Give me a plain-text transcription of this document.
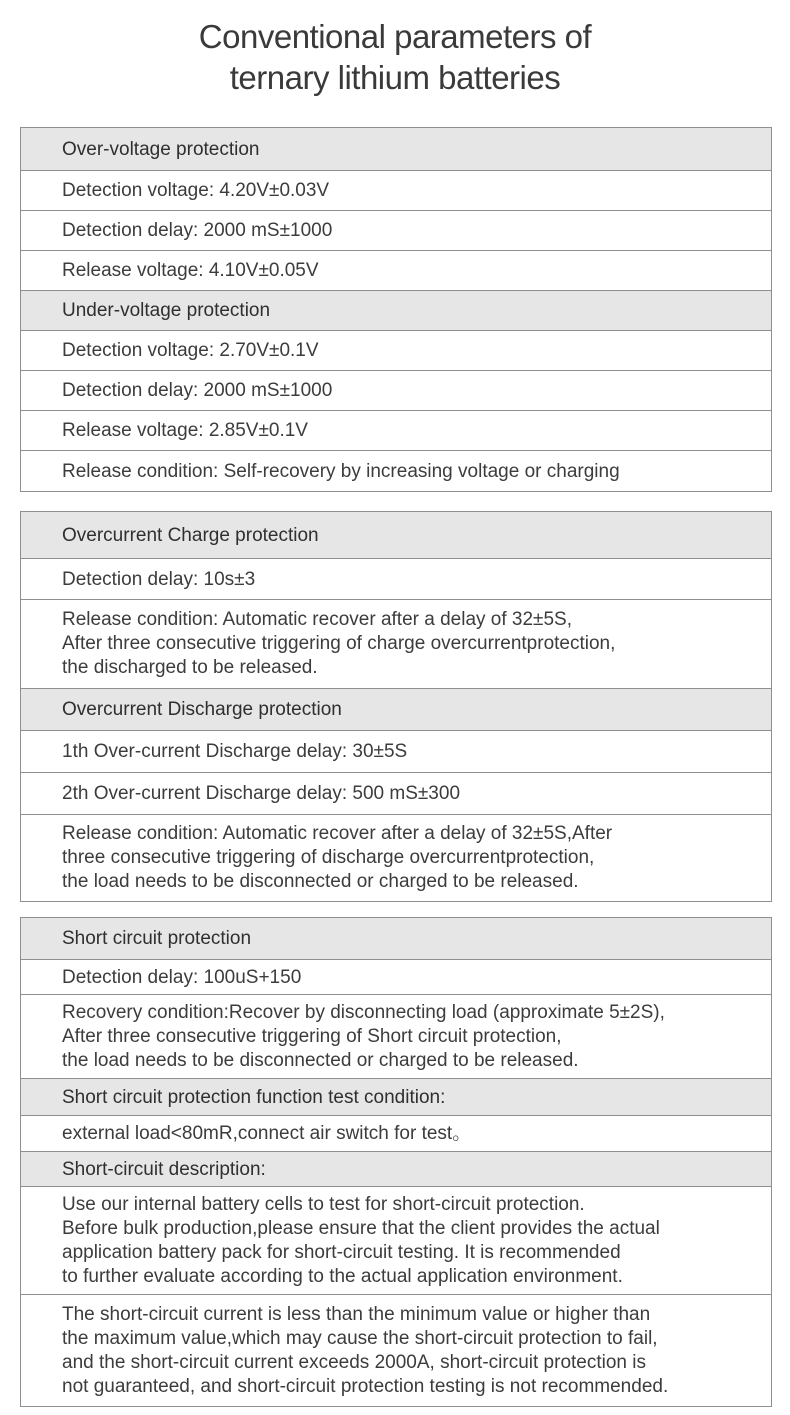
Conventional parameters of
ternary lithium batteries
Over-voltage protection

Detection voltage: 4.20V±0.03V

Detection delay: 2000 mS±1000

Release voltage: 4.10V±0.05V

Under-voltage protection

Detection voltage: 2.70V±0.1V

Detection delay: 2000 mS±1000

Release voltage: 2.85V±0.1V

Release condition: Self-recovery by increasing voltage or charging
Overcurrent Charge protection

Detection delay: 10s±3

Release condition: Automatic recover after a delay of 32±5S,
After three consecutive triggering of charge overcurrentprotection,
the discharged to be released.

Overcurrent Discharge protection

1th Over-current Discharge delay: 30±5S

2th Over-current Discharge delay: 500 mS±300

Release condition: Automatic recover after a delay of 32±5S,After
three consecutive triggering of discharge overcurrentprotection,
the load needs to be disconnected or charged to be released.
Short circuit protection

Detection delay: 100uS+150

Recovery condition:Recover by disconnecting load (approximate 5±2S),
After three consecutive triggering of Short circuit protection,
the load needs to be disconnected or charged to be released.

Short circuit protection function test condition:

external load<80mR,connect air switch for test。

Short-circuit description:

Use our internal battery cells to test for short-circuit protection.
Before bulk production,please ensure that the client provides the actual
application battery pack for short-circuit testing. It is recommended
to further evaluate according to the actual application environment.

The short-circuit current is less than the minimum value or higher than
the maximum value,which may cause the short-circuit protection to fail,
and the short-circuit current exceeds 2000A, short-circuit protection is
not guaranteed, and short-circuit protection testing is not recommended.
